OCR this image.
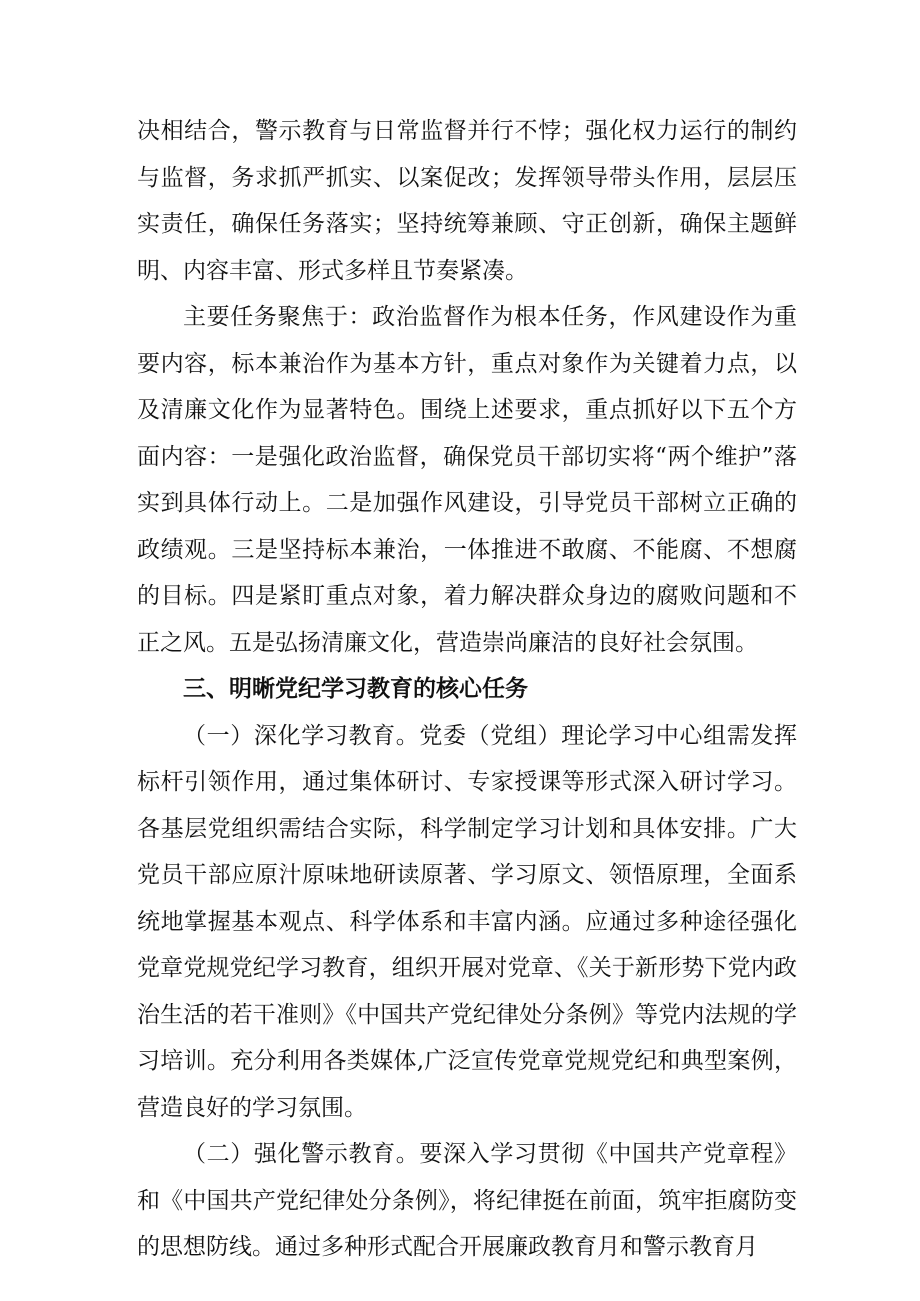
决相结合，警示教育与日常监督并行不悖；强化权力运行的制约与监督，务求抓严抓实、以案促改；发挥领导带头作用，层层压实责任，确保任务落实；坚持统筹兼顾、守正创新，确保主题鲜明、内容丰富、形式多样且节奏紧凑。

主要任务聚焦于：政治监督作为根本任务，作风建设作为重要内容，标本兼治作为基本方针，重点对象作为关键着力点，以及清廉文化作为显著特色。围绕上述要求，重点抓好以下五个方面内容：一是强化政治监督，确保党员干部切实将“两个维护”落实到具体行动上。二是加强作风建设，引导党员干部树立正确的政绩观。三是坚持标本兼治，一体推进不敢腐、不能腐、不想腐的目标。四是紧盯重点对象，着力解决群众身边的腐败问题和不正之风。五是弘扬清廉文化，营造崇尚廉洁的良好社会氛围。

三、明晰党纪学习教育的核心任务

（一）深化学习教育。党委（党组）理论学习中心组需发挥标杆引领作用，通过集体研讨、专家授课等形式深入研讨学习。各基层党组织需结合实际，科学制定学习计划和具体安排。广大党员干部应原汁原味地研读原著、学习原文、领悟原理，全面系统地掌握基本观点、科学体系和丰富内涵。应通过多种途径强化党章党规党纪学习教育，组织开展对党章、《关于新形势下党内政治生活的若干准则》《中国共产党纪律处分条例》等党内法规的学习培训。充分利用各类媒体,广泛宣传党章党规党纪和典型案例，营造良好的学习氛围。

（二）强化警示教育。要深入学习贯彻《中国共产党章程》和《中国共产党纪律处分条例》，将纪律挺在前面，筑牢拒腐防变的思想防线。通过多种形式配合开展廉政教育月和警示教育月
